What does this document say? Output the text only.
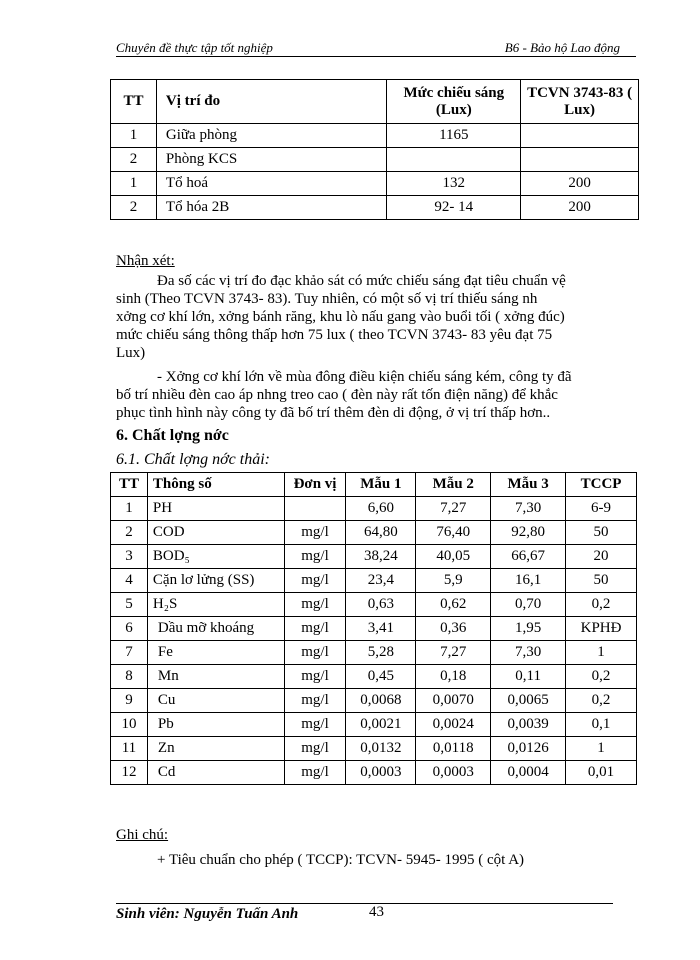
Chuyên đề thực tập tốt nghiệp	B6 - Bảo hộ Lao động
TT	Vị trí đo	Mức chiếu sáng (Lux)	TCVN 3743-83 ( Lux)
1	Giữa phòng	1165	
2	Phòng KCS		
1	Tổ hoá	132	200
2	Tổ hóa 2B	92- 14	200
Nhận xét:
Đa số các vị trí đo đạc khảo sát có mức chiếu sáng đạt tiêu chuẩn vệ
sinh (Theo TCVN 3743- 83). Tuy nhiên, có một số vị trí thiếu sáng nh
xởng cơ khí lớn, xởng bánh răng, khu lò nấu gang vào buổi tối ( xởng đúc)
mức chiếu sáng thông thấp hơn 75 lux ( theo TCVN 3743- 83 yêu đạt 75
Lux)
- Xởng cơ khí lớn về mùa đông điều kiện chiếu sáng kém, công ty đã
bố trí nhiều đèn cao áp nhng treo cao ( đèn này rất tốn điện năng) để khắc
phục tình hình này công ty đã bố trí thêm đèn di động, ở vị trí thấp hơn..
6. Chất lợng nớc
6.1. Chất lợng nớc thải:
TT	Thông số	Đơn vị	Mẫu 1	Mẫu 2	Mẫu 3	TCCP
1	PH		6,60	7,27	7,30	6-9
2	COD	mg/l	64,80	76,40	92,80	50
3	BOD₅	mg/l	38,24	40,05	66,67	20
4	Cặn lơ lửng (SS)	mg/l	23,4	5,9	16,1	50
5	H₂S	mg/l	0,63	0,62	0,70	0,2
6	Dầu mỡ khoáng	mg/l	3,41	0,36	1,95	KPHĐ
7	Fe	mg/l	5,28	7,27	7,30	1
8	Mn	mg/l	0,45	0,18	0,11	0,2
9	Cu	mg/l	0,0068	0,0070	0,0065	0,2
10	Pb	mg/l	0,0021	0,0024	0,0039	0,1
11	Zn	mg/l	0,0132	0,0118	0,0126	1
12	Cd	mg/l	0,0003	0,0003	0,0004	0,01
Ghi chú:
+ Tiêu chuẩn cho phép ( TCCP): TCVN- 5945- 1995 ( cột A)
Sinh viên: Nguyễn Tuấn Anh	43
